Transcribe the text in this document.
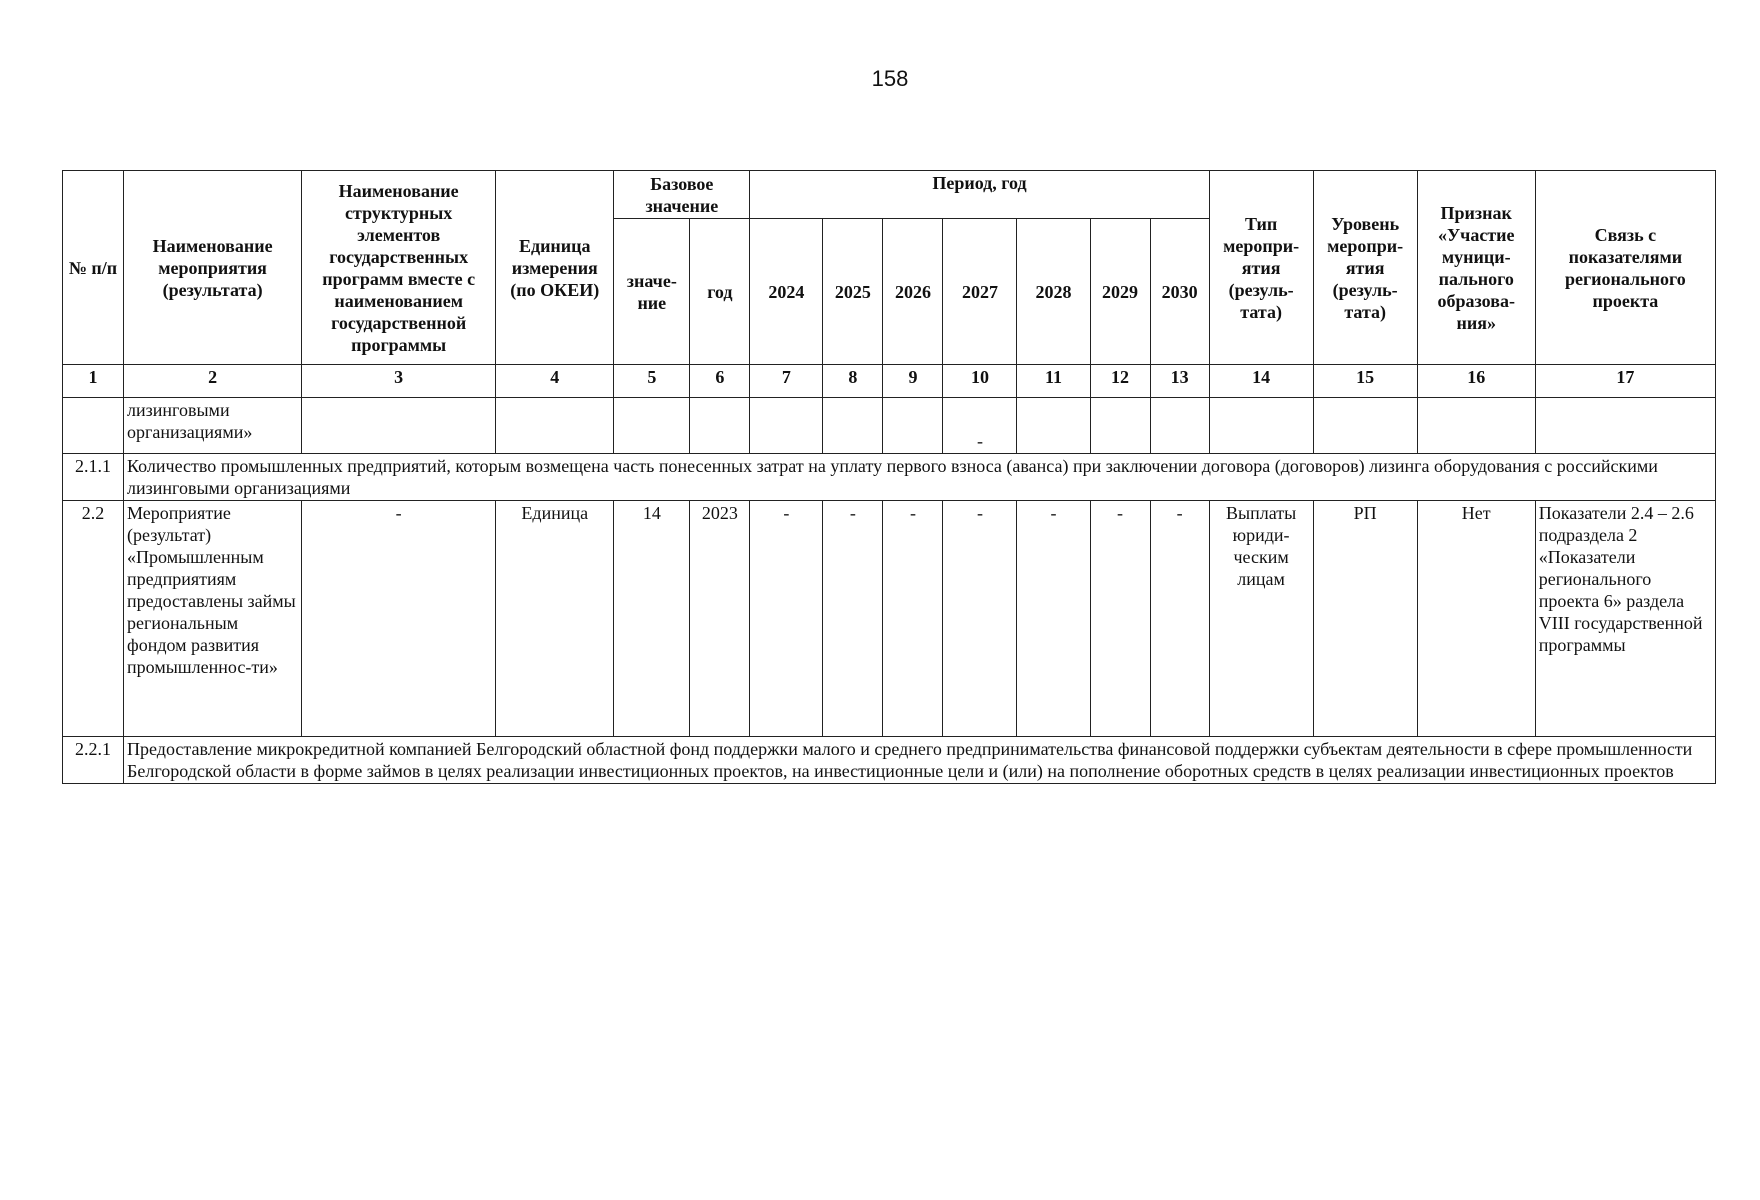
158
№ п/п	Наименование мероприятия (результата)	Наименование структурных элементов государственных программ вместе с наименованием государственной программы	Единица измерения (по ОКЕИ)	Базовое значение		Период, год							Тип меропри-ятия (резуль-тата)	Уровень меропри-ятия (резуль-тата)	Признак «Участие муници-пального образова-ния»	Связь с показателями регионального проекта
				значе-ние	год	2024	2025	2026	2027	2028	2029	2030				
1	2	3	4	5	6	7	8	9	10	11	12	13	14	15	16	17
	лизинговыми организациями»								-							
2.1.1	Количество промышленных предприятий, которым возмещена часть понесенных затрат на уплату первого взноса (аванса) при заключении договора (договоров) лизинга оборудования с российскими лизинговыми организациями															
2.2	Мероприятие (результат) «Промышленным предприятиям предоставлены займы региональным фондом развития промышленнос-ти»	-	Единица	14	2023	-	-	-	-	-	-	-	Выплаты юриди-ческим лицам	РП	Нет	Показатели 2.4 – 2.6 подраздела 2 «Показатели регионального проекта 6» раздела VIII государственной программы
2.2.1	Предоставление микрокредитной компанией Белгородский областной фонд поддержки малого и среднего предпринимательства финансовой поддержки субъектам деятельности в сфере промышленности Белгородской области в форме займов в целях реализации инвестиционных проектов, на инвестиционные цели и (или) на пополнение оборотных средств в целях реализации инвестиционных проектов															
